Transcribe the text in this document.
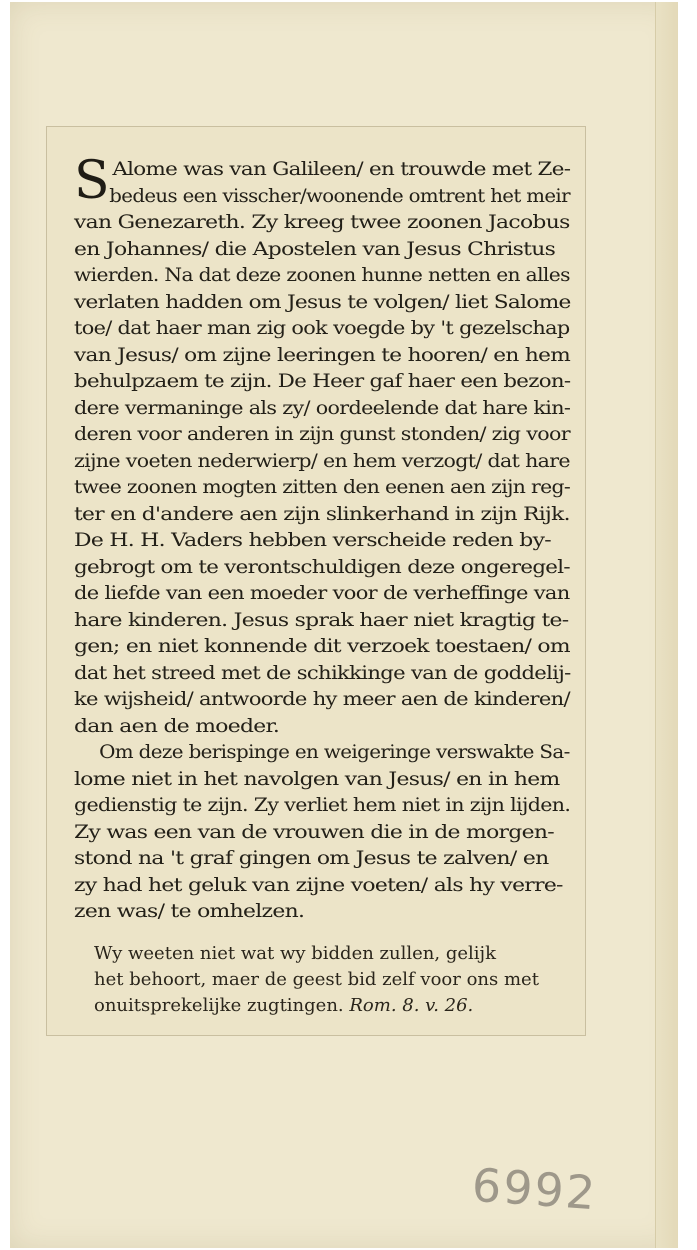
S Alome was van Galileen/ en trouwde met Ze-
bedeus een visscher/woonende omtrent het meir
van Genezareth. Zy kreeg twee zoonen Jacobus
en Johannes/ die Apostelen van Jesus Christus
wierden. Na dat deze zoonen hunne netten en alles
verlaten hadden om Jesus te volgen/ liet Salome
toe/ dat haer man zig ook voegde by 't gezelschap
van Jesus/ om zijne leeringen te hooren/ en hem
behulpzaem te zijn. De Heer gaf haer een bezon-
dere vermaninge als zy/ oordeelende dat hare kin-
deren voor anderen in zijn gunst stonden/ zig voor
zijne voeten nederwierp/ en hem verzogt/ dat hare
twee zoonen mogten zitten den eenen aen zijn reg-
ter en d'andere aen zijn slinkerhand in zijn Rijk.
De H. H. Vaders hebben verscheide reden by-
gebrogt om te verontschuldigen deze ongeregel-
de liefde van een moeder voor de verheffinge van
hare kinderen. Jesus sprak haer niet kragtig te-
gen; en niet konnende dit verzoek toestaen/ om
dat het streed met de schikkinge van de goddelij-
ke wijsheid/ antwoorde hy meer aen de kinderen/
dan aen de moeder.
Om deze berispinge en weigeringe verswakte Sa-
lome niet in het navolgen van Jesus/ en in hem
gedienstig te zijn. Zy verliet hem niet in zijn lijden.
Zy was een van de vrouwen die in de morgen-
stond na 't graf gingen om Jesus te zalven/ en
zy had het geluk van zijne voeten/ als hy verre-
zen was/ te omhelzen.
Wy weeten niet wat wy bidden zullen, gelijk
het behoort, maer de geest bid zelf voor ons met
onuitsprekelijke zugtingen. Rom. 8. v. 26.
6992
